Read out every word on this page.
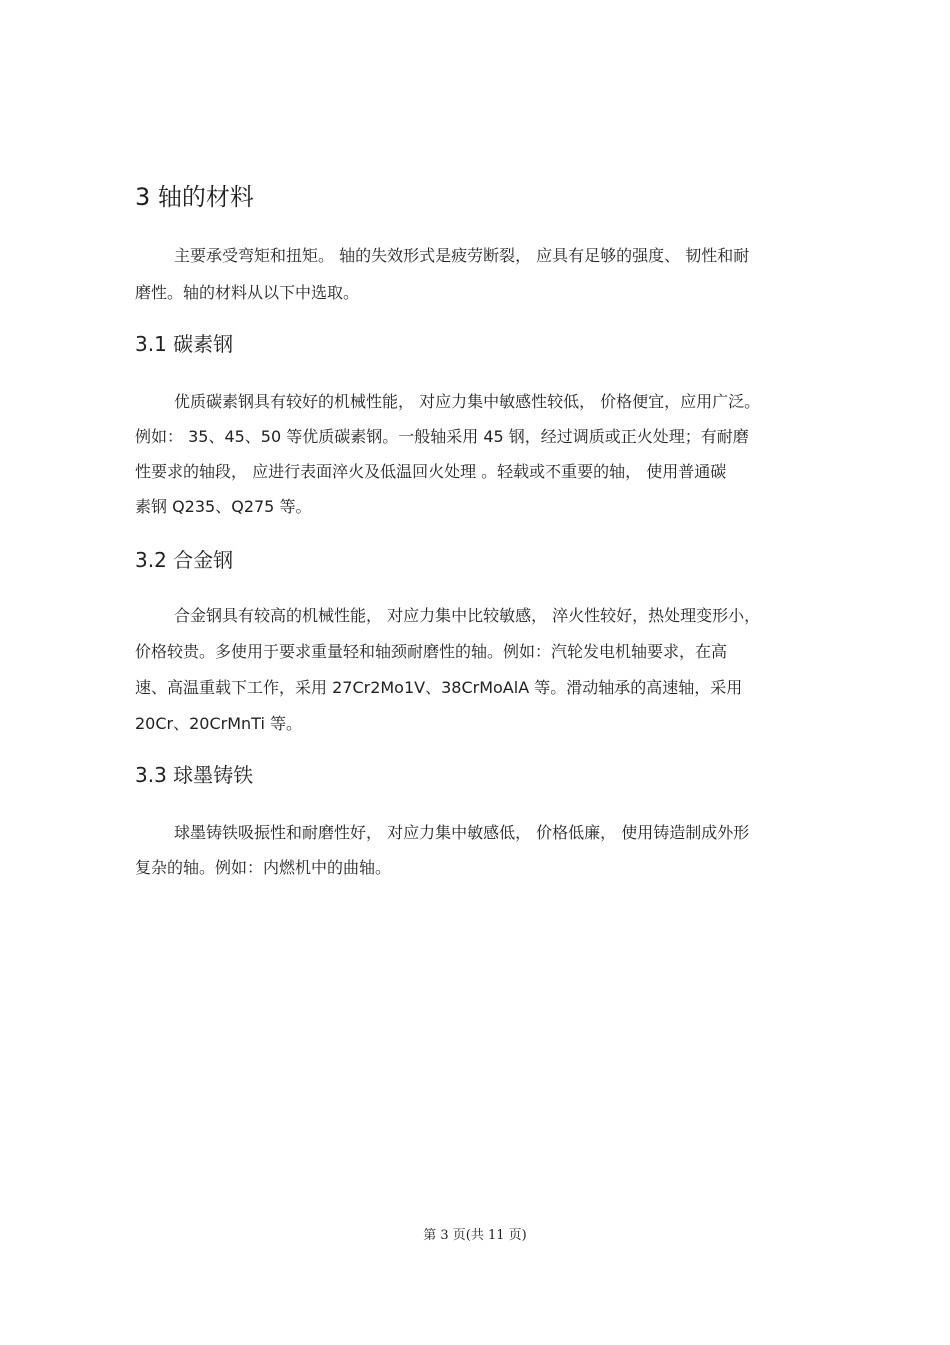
3 轴的材料
主要承受弯矩和扭矩。 轴的失效形式是疲劳断裂， 应具有足够的强度、 韧性和耐
磨性。轴的材料从以下中选取。
3.1 碳素钢
优质碳素钢具有较好的机械性能， 对应力集中敏感性较低， 价格便宜，应用广泛。
例如： 35、45、50 等优质碳素钢。一般轴采用 45 钢，经过调质或正火处理；有耐磨
性要求的轴段， 应进行表面淬火及低温回火处理 。轻载或不重要的轴， 使用普通碳
素钢 Q235、Q275 等。
3.2 合金钢
合金钢具有较高的机械性能， 对应力集中比较敏感， 淬火性较好，热处理变形小，
价格较贵。多使用于要求重量轻和轴颈耐磨性的轴。例如：汽轮发电机轴要求，在高
速、高温重载下工作，采用 27Cr2Mo1V、38CrMoAlA 等。滑动轴承的高速轴，采用
20Cr、20CrMnTi 等。
3.3 球墨铸铁
球墨铸铁吸振性和耐磨性好， 对应力集中敏感低， 价格低廉， 使用铸造制成外形
复杂的轴。例如：内燃机中的曲轴。
第 3 页(共 11 页)
